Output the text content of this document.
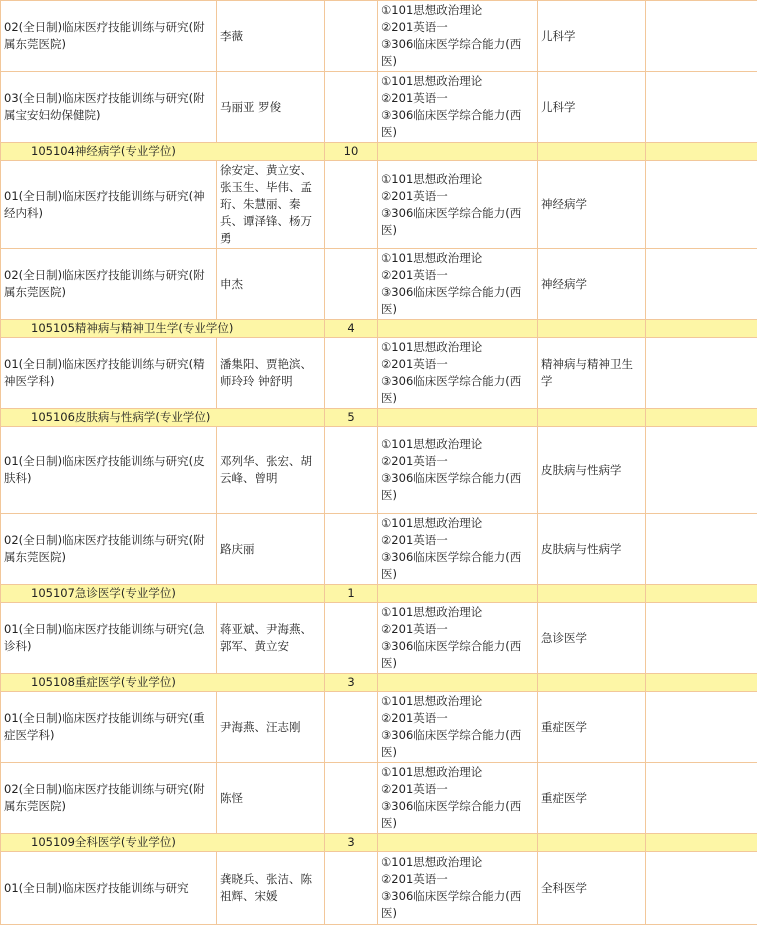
02(全日制)临床医疗技能训练与研究(附属东莞医院)	李薇		①101思想政治理论
②201英语一
③306临床医学综合能力(西医)	儿科学	
03(全日制)临床医疗技能训练与研究(附属宝安妇幼保健院)	马丽亚 罗俊		①101思想政治理论
②201英语一
③306临床医学综合能力(西医)	儿科学	
105104神经病学(专业学位)		10			
01(全日制)临床医疗技能训练与研究(神经内科)	徐安定、黄立安、张玉生、毕伟、孟珩、朱慧丽、秦兵、谭泽锋、杨万勇		①101思想政治理论
②201英语一
③306临床医学综合能力(西医)	神经病学	
02(全日制)临床医疗技能训练与研究(附属东莞医院)	申杰		①101思想政治理论
②201英语一
③306临床医学综合能力(西医)	神经病学	
105105精神病与精神卫生学(专业学位)		4			
01(全日制)临床医疗技能训练与研究(精神医学科)	潘集阳、贾艳滨、师玲玲 钟舒明		①101思想政治理论
②201英语一
③306临床医学综合能力(西医)	精神病与精神卫生学	
105106皮肤病与性病学(专业学位)		5			
01(全日制)临床医疗技能训练与研究(皮肤科)	邓列华、张宏、胡云峰、曾明		①101思想政治理论
②201英语一
③306临床医学综合能力(西医)	皮肤病与性病学	
02(全日制)临床医疗技能训练与研究(附属东莞医院)	路庆丽		①101思想政治理论
②201英语一
③306临床医学综合能力(西医)	皮肤病与性病学	
105107急诊医学(专业学位)		1			
01(全日制)临床医疗技能训练与研究(急诊科)	蒋亚斌、尹海燕、郭军、黄立安		①101思想政治理论
②201英语一
③306临床医学综合能力(西医)	急诊医学	
105108重症医学(专业学位)		3			
01(全日制)临床医疗技能训练与研究(重症医学科)	尹海燕、汪志刚		①101思想政治理论
②201英语一
③306临床医学综合能力(西医)	重症医学	
02(全日制)临床医疗技能训练与研究(附属东莞医院)	陈怪		①101思想政治理论
②201英语一
③306临床医学综合能力(西医)	重症医学	
105109全科医学(专业学位)		3			
01(全日制)临床医疗技能训练与研究	龚晓兵、张洁、陈祖辉、宋媛		①101思想政治理论
②201英语一
③306临床医学综合能力(西医)	全科医学	
